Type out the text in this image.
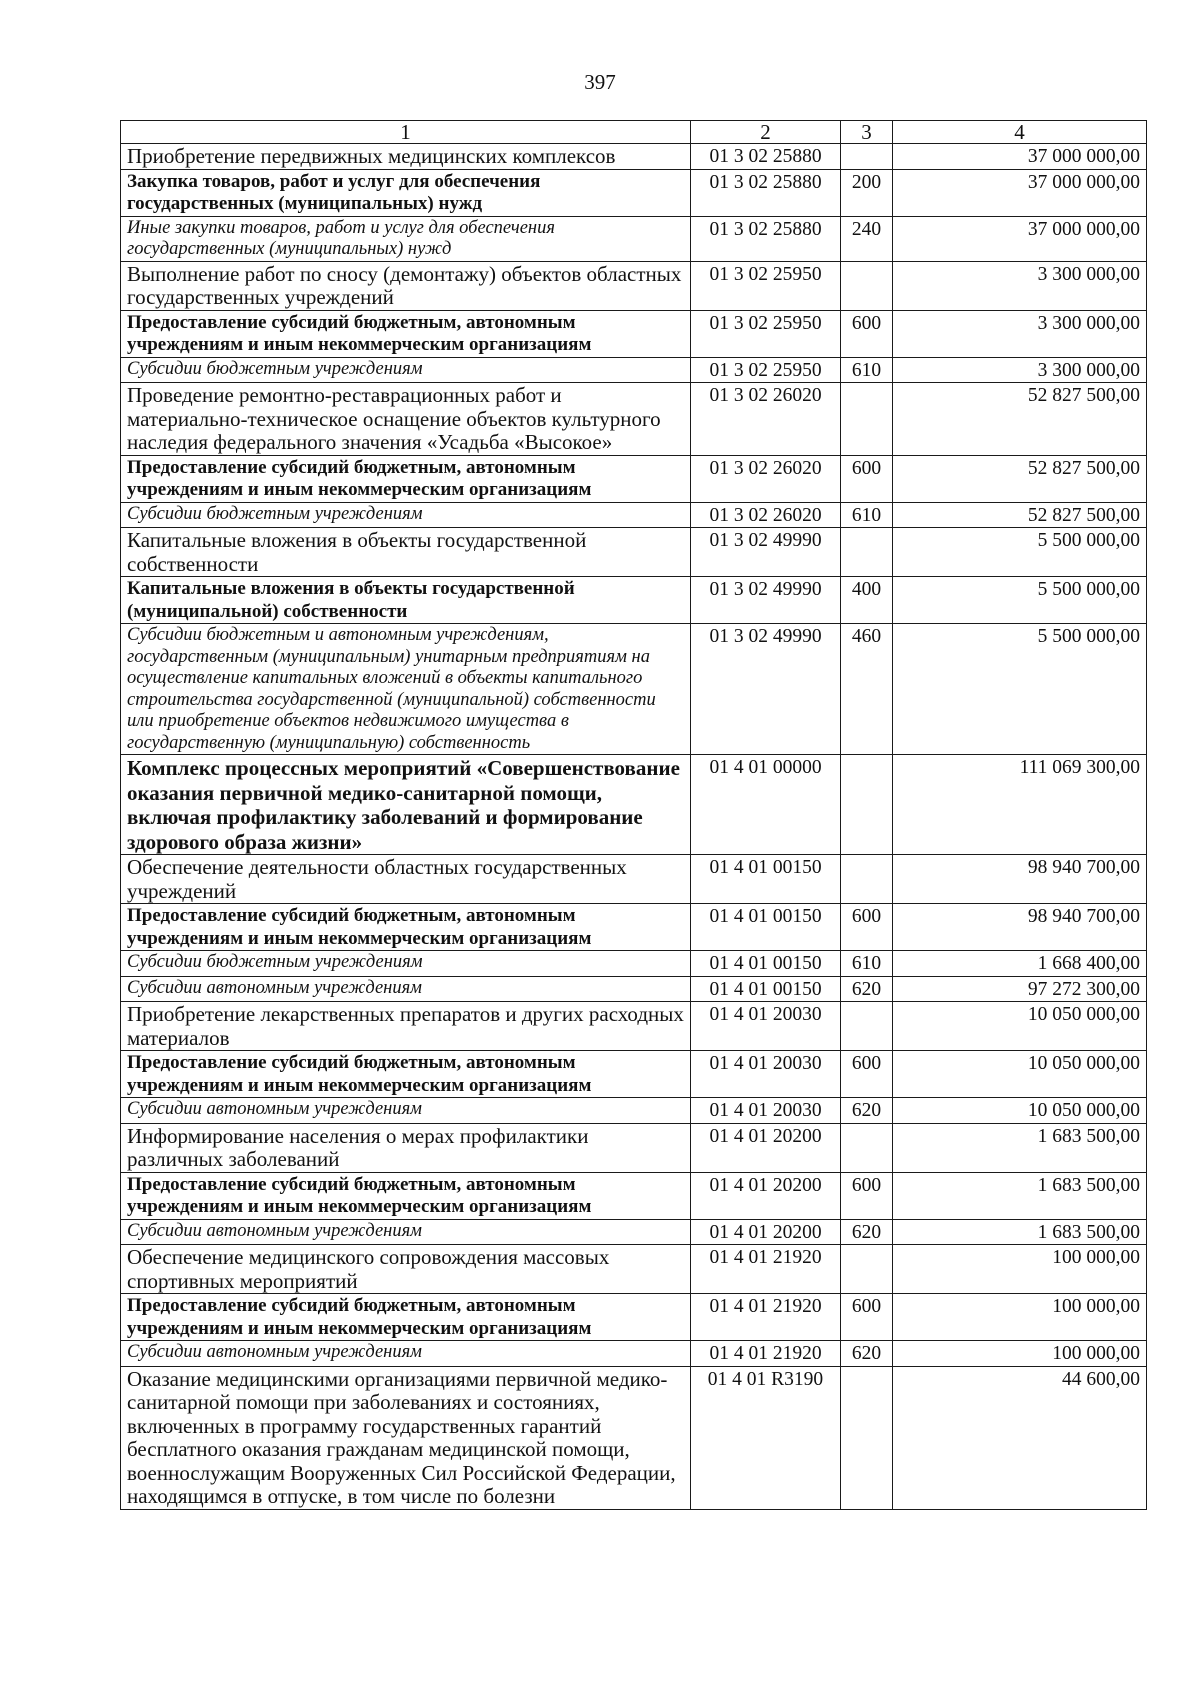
397
1	2	3	4
Приобретение передвижных медицинских комплексов	01 3 02 25880		37 000 000,00
Закупка товаров, работ и услуг для обеспечения государственных (муниципальных) нужд	01 3 02 25880	200	37 000 000,00
Иные закупки товаров, работ и услуг для обеспечения государственных (муниципальных) нужд	01 3 02 25880	240	37 000 000,00
Выполнение работ по сносу (демонтажу) объектов областных государственных учреждений	01 3 02 25950		3 300 000,00
Предоставление субсидий бюджетным, автономным учреждениям и иным некоммерческим организациям	01 3 02 25950	600	3 300 000,00
Субсидии бюджетным учреждениям	01 3 02 25950	610	3 300 000,00
Проведение ремонтно-реставрационных работ и материально-техническое оснащение объектов культурного наследия федерального значения «Усадьба «Высокое»	01 3 02 26020		52 827 500,00
Предоставление субсидий бюджетным, автономным учреждениям и иным некоммерческим организациям	01 3 02 26020	600	52 827 500,00
Субсидии бюджетным учреждениям	01 3 02 26020	610	52 827 500,00
Капитальные вложения в объекты государственной собственности	01 3 02 49990		5 500 000,00
Капитальные вложения в объекты государственной (муниципальной) собственности	01 3 02 49990	400	5 500 000,00
Субсидии бюджетным и автономным учреждениям, государственным (муниципальным) унитарным предприятиям на осуществление капитальных вложений в объекты капитального строительства государственной (муниципальной) собственности или приобретение объектов недвижимого имущества в государственную (муниципальную) собственность	01 3 02 49990	460	5 500 000,00
Комплекс процессных мероприятий «Совершенствование оказания первичной медико-санитарной помощи, включая профилактику заболеваний и формирование здорового образа жизни»	01 4 01 00000		111 069 300,00
Обеспечение деятельности областных государственных учреждений	01 4 01 00150		98 940 700,00
Предоставление субсидий бюджетным, автономным учреждениям и иным некоммерческим организациям	01 4 01 00150	600	98 940 700,00
Субсидии бюджетным учреждениям	01 4 01 00150	610	1 668 400,00
Субсидии автономным учреждениям	01 4 01 00150	620	97 272 300,00
Приобретение лекарственных препаратов и других расходных материалов	01 4 01 20030		10 050 000,00
Предоставление субсидий бюджетным, автономным учреждениям и иным некоммерческим организациям	01 4 01 20030	600	10 050 000,00
Субсидии автономным учреждениям	01 4 01 20030	620	10 050 000,00
Информирование населения о мерах профилактики различных заболеваний	01 4 01 20200		1 683 500,00
Предоставление субсидий бюджетным, автономным учреждениям и иным некоммерческим организациям	01 4 01 20200	600	1 683 500,00
Субсидии автономным учреждениям	01 4 01 20200	620	1 683 500,00
Обеспечение медицинского сопровождения массовых спортивных мероприятий	01 4 01 21920		100 000,00
Предоставление субсидий бюджетным, автономным учреждениям и иным некоммерческим организациям	01 4 01 21920	600	100 000,00
Субсидии автономным учреждениям	01 4 01 21920	620	100 000,00
Оказание медицинскими организациями первичной медико-санитарной помощи при заболеваниях и состояниях, включенных в программу государственных гарантий бесплатного оказания гражданам медицинской помощи, военнослужащим Вооруженных Сил Российской Федерации, находящимся в отпуске, в том числе по болезни	01 4 01 R3190		44 600,00
